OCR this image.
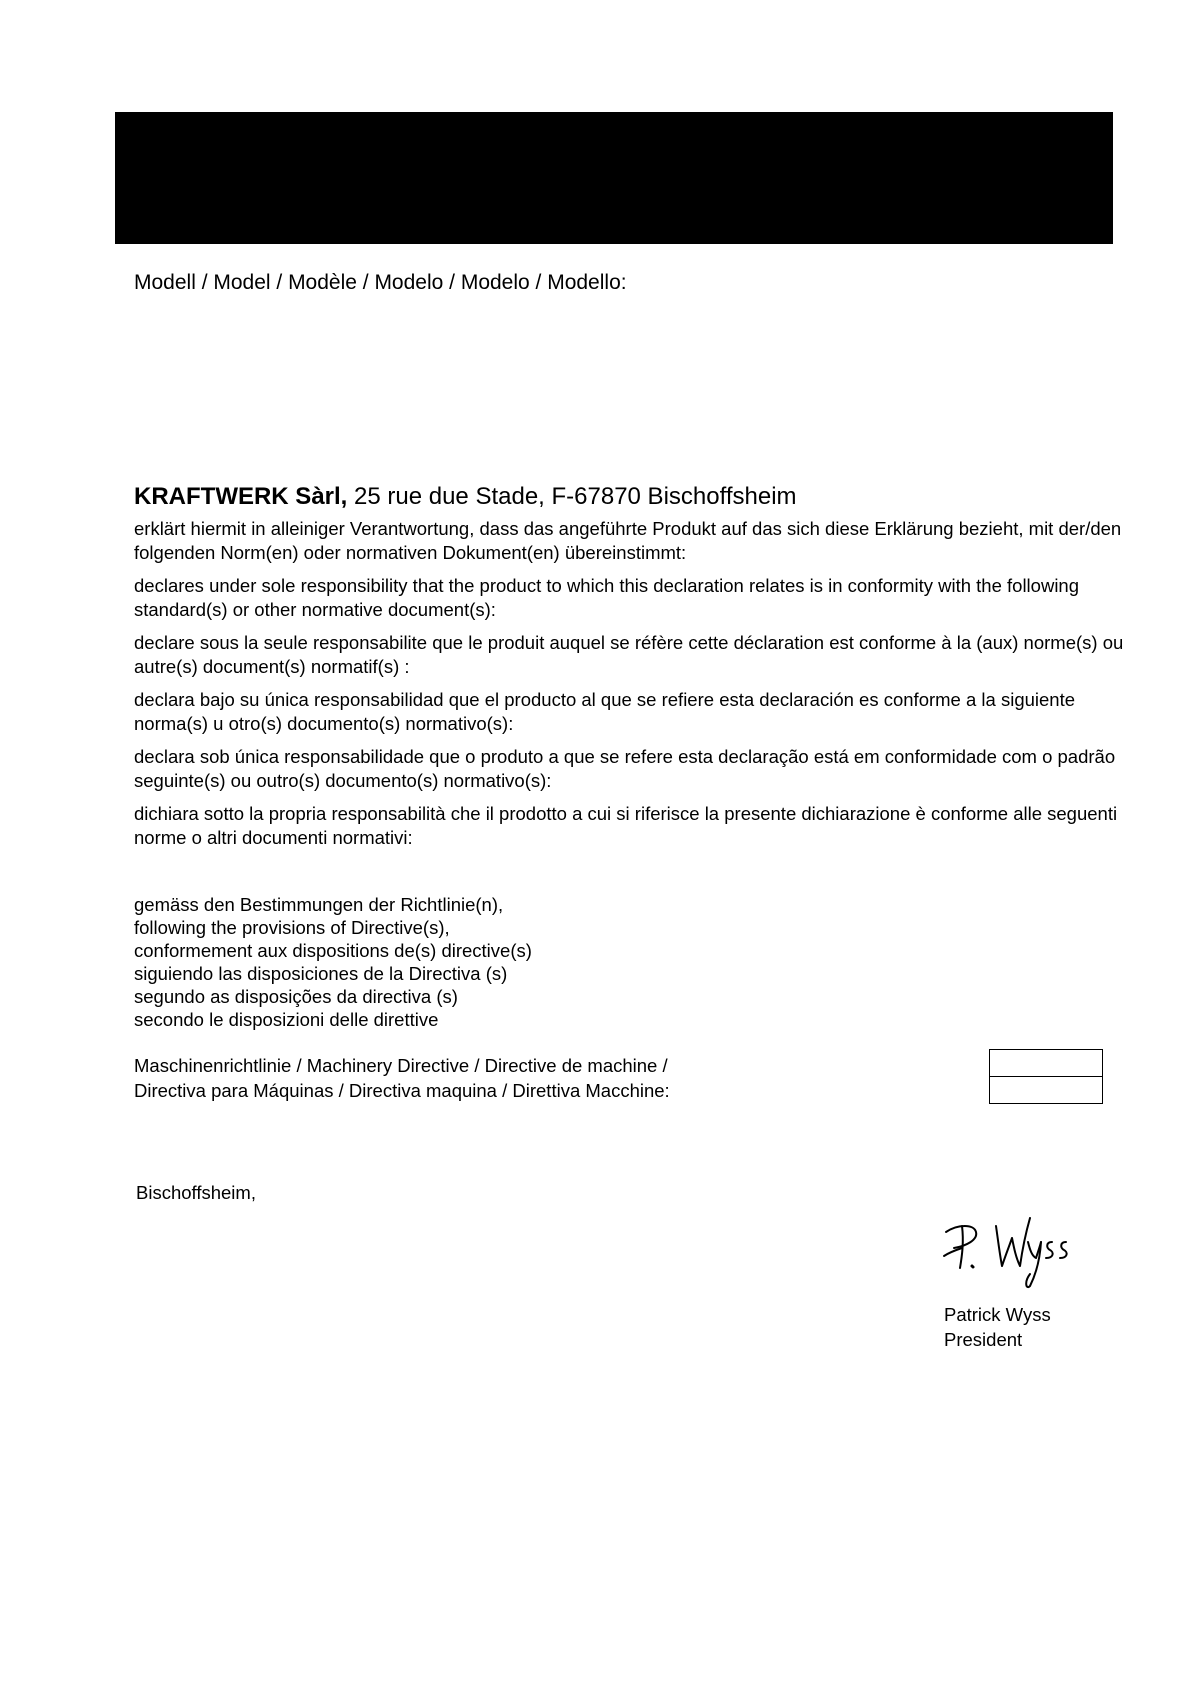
Modell / Model / Modèle / Modelo / Modelo / Modello:
KRAFTWERK Sàrl, 25 rue due Stade, F-67870 Bischoffsheim

erklärt hiermit in alleiniger Verantwortung, dass das angeführte Produkt auf das sich diese Erklärung bezieht, mit der/den folgenden Norm(en) oder normativen Dokument(en) übereinstimmt:

declares under sole responsibility that the product to which this declaration relates is in conformity with the following standard(s) or other normative document(s):

declare sous la seule responsabilite que le produit auquel se réfère cette déclaration est conforme à la (aux) norme(s) ou autre(s) document(s) normatif(s) :

declara bajo su única responsabilidad que el producto al que se refiere esta declaración es conforme a la siguiente norma(s) u otro(s) documento(s) normativo(s):

declara sob única responsabilidade que o produto a que se refere esta declaração está em conformidade com o padrão seguinte(s) ou outro(s) documento(s) normativo(s):

dichiara sotto la propria responsabilità che il prodotto a cui si riferisce la presente dichiarazione è conforme alle seguenti norme o altri documenti normativi:

gemäss den Bestimmungen der Richtlinie(n),
following the provisions of Directive(s),
conformement aux dispositions de(s) directive(s)
siguiendo las disposiciones de la Directiva (s)
segundo as disposições da directiva (s)
secondo le disposizioni delle direttive
Maschinenrichtlinie / Machinery Directive / Directive de machine /
Directiva para Máquinas / Directiva maquina / Direttiva Macchine:
Bischoffsheim,
Patrick Wyss
President
